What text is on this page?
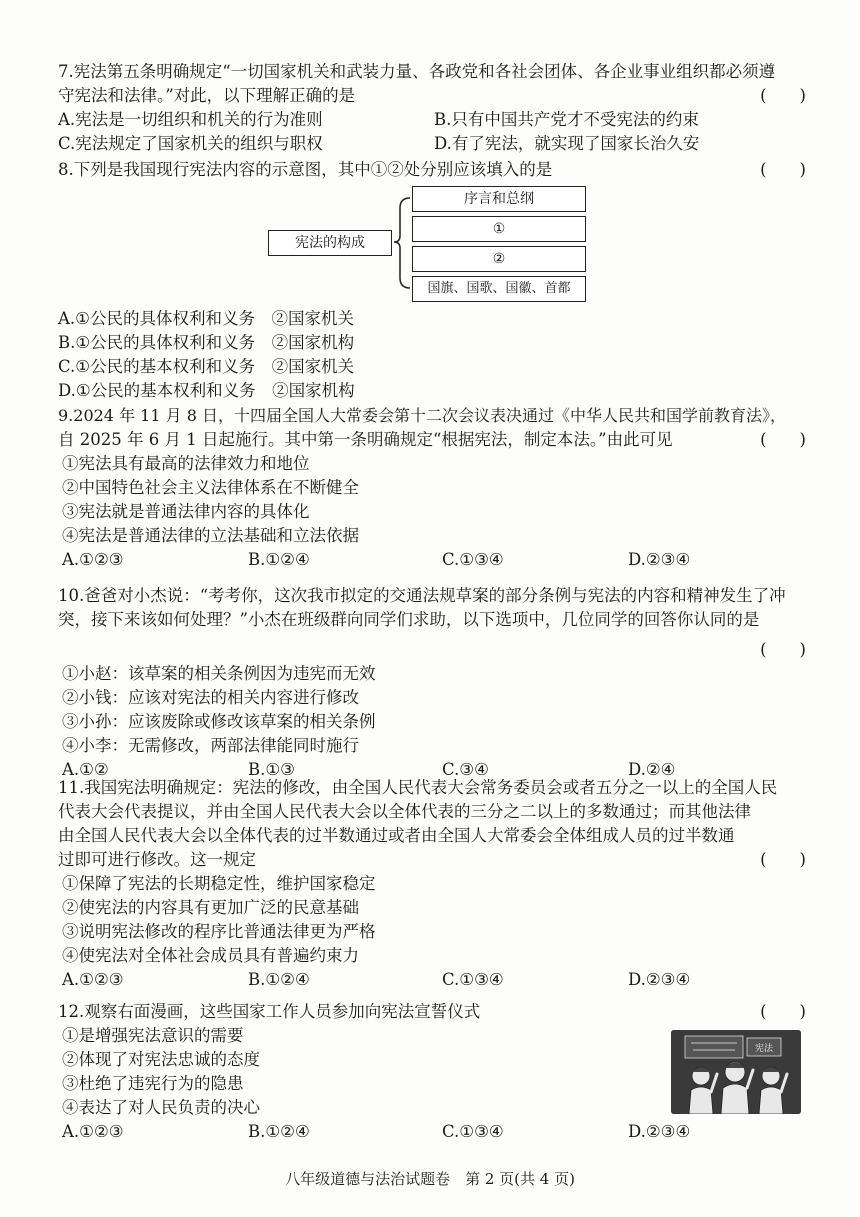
7.宪法第五条明确规定“一切国家机关和武装力量、各政党和各社会团体、各企业事业组织都必须遵
守宪法和法律。”对此，以下理解正确的是	(　　)
A.宪法是一切组织和机关的行为准则	B.只有中国共产党才不受宪法的约束
C.宪法规定了国家机关的组织与职权	D.有了宪法，就实现了国家长治久安
8.下列是我国现行宪法内容的示意图，其中①②处分别应该填入的是	(　　)
宪法的构成
序言和总纲
①
②
国旗、国歌、国徽、首都
A.①公民的具体权利和义务　②国家机关
B.①公民的具体权利和义务　②国家机构
C.①公民的基本权利和义务　②国家机关
D.①公民的基本权利和义务　②国家机构
9.2024 年 11 月 8 日，十四届全国人大常委会第十二次会议表决通过《中华人民共和国学前教育法》，
自 2025 年 6 月 1 日起施行。其中第一条明确规定“根据宪法，制定本法。”由此可见	(　　)
①宪法具有最高的法律效力和地位
②中国特色社会主义法律体系在不断健全
③宪法就是普通法律内容的具体化
④宪法是普通法律的立法基础和立法依据
A.①②③	B.①②④	C.①③④	D.②③④
10.爸爸对小杰说：“考考你，这次我市拟定的交通法规草案的部分条例与宪法的内容和精神发生了冲
突，接下来该如何处理？”小杰在班级群向同学们求助，以下选项中，几位同学的回答你认同的是
(　　)
①小赵：该草案的相关条例因为违宪而无效
②小钱：应该对宪法的相关内容进行修改
③小孙：应该废除或修改该草案的相关条例
④小李：无需修改，两部法律能同时施行
A.①②	B.①③	C.③④	D.②④
11.我国宪法明确规定：宪法的修改，由全国人民代表大会常务委员会或者五分之一以上的全国人民
代表大会代表提议，并由全国人民代表大会以全体代表的三分之二以上的多数通过；而其他法律
由全国人民代表大会以全体代表的过半数通过或者由全国人大常委会全体组成人员的过半数通
过即可进行修改。这一规定	(　　)
①保障了宪法的长期稳定性，维护国家稳定
②使宪法的内容具有更加广泛的民意基础
③说明宪法修改的程序比普通法律更为严格
④使宪法对全体社会成员具有普遍约束力
A.①②③	B.①②④	C.①③④	D.②③④
12.观察右面漫画，这些国家工作人员参加向宪法宣誓仪式	(　　)
①是增强宪法意识的需要
②体现了对宪法忠诚的态度
③杜绝了违宪行为的隐患
④表达了对人民负责的决心
A.①②③	B.①②④	C.①③④	D.②③④
宪法
八年级道德与法治试题卷　第 2 页(共 4 页)
